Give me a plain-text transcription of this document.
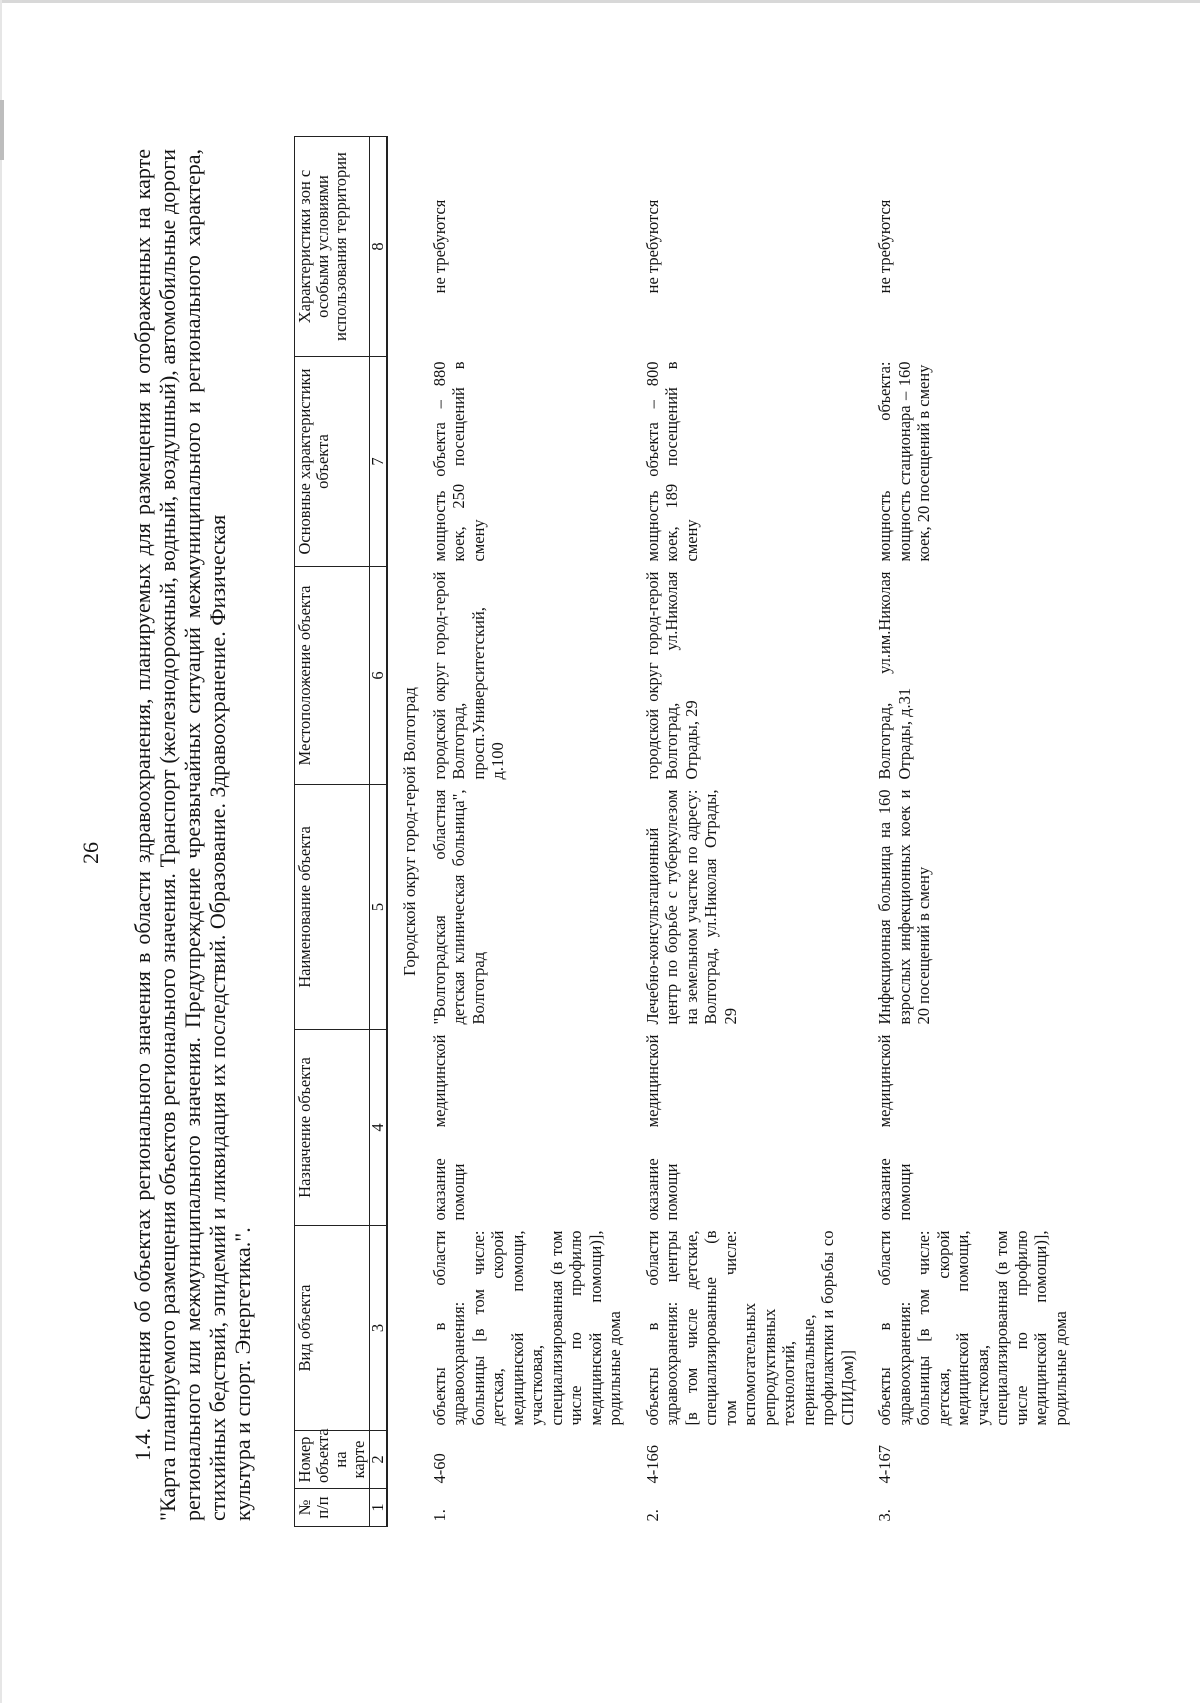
26 1.4. Сведения об объектах регионального значения в области здравоохранения, планируемых для размещения и отображенных на карте "Карта планируемого размещения объектов регионального значения. Транспорт (железнодорожный, водный, воздушный), автомобильные дороги регионального или межмуниципального значения. Предупреждение чрезвычайных ситуаций межмуниципального и регионального характера, стихийных бедствий, эпидемий и ликвидация их последствий. Образование. Здравоохранение. Физическая культура и спорт. Энергетика.". № п/п	Номер объекта на карте	Вид объекта	Назначение объекта	Наименование объекта	Местоположение объекта	Основные характеристики объекта	Характеристики зон с особыми условиями использования территории
1	2	3	4	5	6	7	8
Городской округ город-герой Волгоград							
1.	4-60	объекты в области здравоохранения: больницы [в том числе: детская, скорой медицинской помощи, участковая, специализированная (в том числе по профилю медицинской помощи)], родильные дома	оказание медицинской помощи	"Волгоградская областная детская клиническая больница", Волгоград	городской округ город-герой Волгоград, просп.Университетский, д.100	мощность объекта – 880 коек, 250 посещений в смену	не требуются
2.	4-166	объекты в области здравоохранения: центры [в том числе детские, специализированные (в том числе: вспомогательных репродуктивных технологий, перинатальные, профилактики и борьбы со СПИДом)]	оказание медицинской помощи	Лечебно-консультационный центр по борьбе с туберкулезом на земельном участке по адресу: Волгоград, ул.Николая Отрады, 29	городской округ город-герой Волгоград, ул.Николая Отрады, 29	мощность объекта – 800 коек, 189 посещений в смену	не требуются
3.	4-167	объекты в области здравоохранения: больницы [в том числе: детская, скорой медицинской помощи, участковая, специализированная (в том числе по профилю медицинской помощи)], родильные дома	оказание медицинской помощи	Инфекционная больница на 160 взрослых инфекционных коек и 20 посещений в смену	Волгоград, ул.им.Николая Отрады, д.31	мощность объекта: мощность стационара – 160 коек, 20 посещений в смену	не требуются
